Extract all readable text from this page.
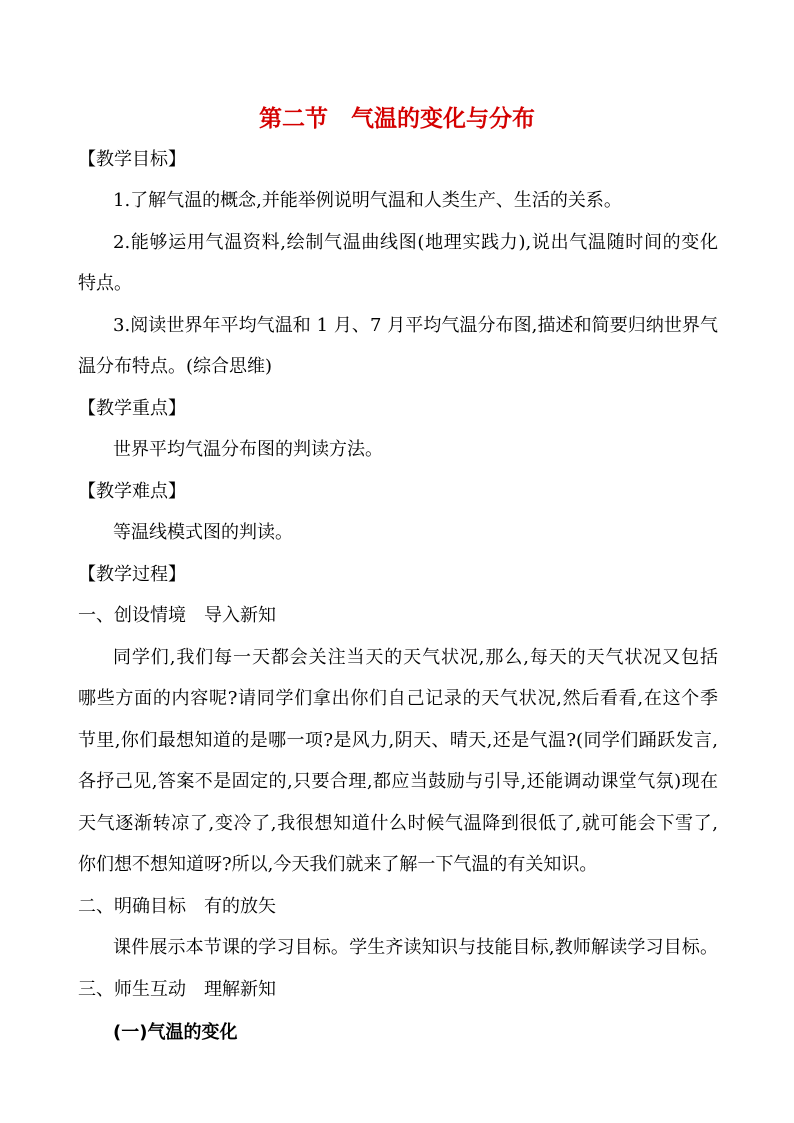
第二节　气温的变化与分布
【教学目标】
1.了解气温的概念,并能举例说明气温和人类生产、生活的关系。
2.能够运用气温资料,绘制气温曲线图(地理实践力),说出气温随时间的变化
特点。
3.阅读世界年平均气温和 1 月、7 月平均气温分布图,描述和简要归纳世界气
温分布特点。(综合思维)
【教学重点】
世界平均气温分布图的判读方法。
【教学难点】
等温线模式图的判读。
【教学过程】
一、创设情境　导入新知
同学们,我们每一天都会关注当天的天气状况,那么,每天的天气状况又包括
哪些方面的内容呢?请同学们拿出你们自己记录的天气状况,然后看看,在这个季
节里,你们最想知道的是哪一项?是风力,阴天、晴天,还是气温?(同学们踊跃发言,
各抒己见,答案不是固定的,只要合理,都应当鼓励与引导,还能调动课堂气氛)现在
天气逐渐转凉了,变冷了,我很想知道什么时候气温降到很低了,就可能会下雪了,
你们想不想知道呀?所以,今天我们就来了解一下气温的有关知识。
二、明确目标　有的放矢
课件展示本节课的学习目标。学生齐读知识与技能目标,教师解读学习目标。
三、师生互动　理解新知
(一)气温的变化
